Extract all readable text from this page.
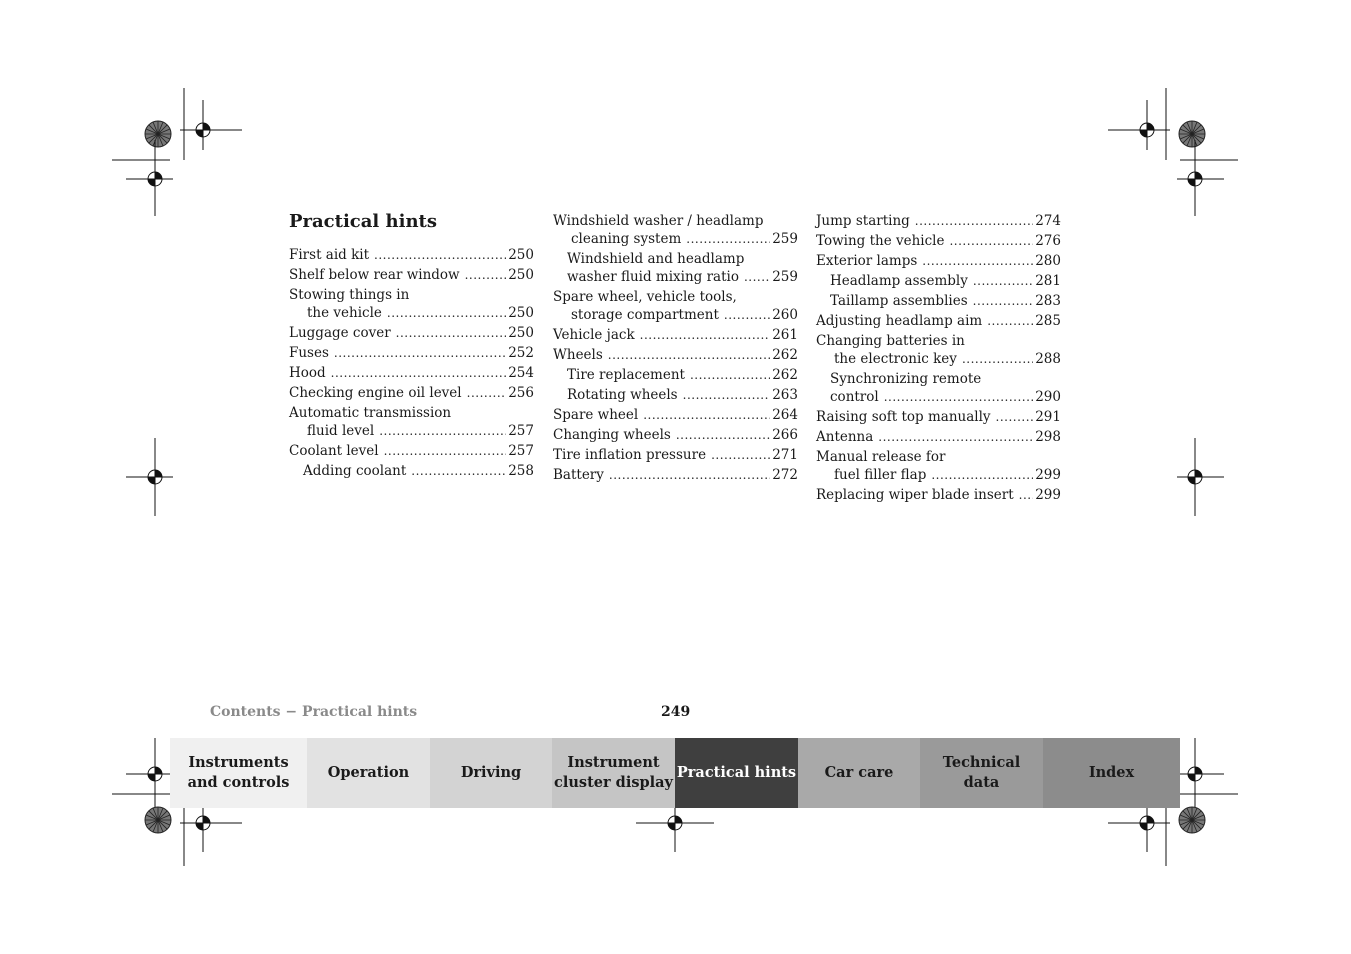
Practical hints
First aid kit .....	250
Shelf below rear window .....	250
Stowing things in
the vehicle .....	250
Luggage cover .....	250
Fuses .....	252
Hood .....	254
Checking engine oil level .....	256
Automatic transmission
fluid level .....	257
Coolant level .....	257
Adding coolant .....	258
Windshield washer / headlamp
cleaning system .....	259
Windshield and headlamp
washer fluid mixing ratio ..... 259
Spare wheel, vehicle tools,
storage compartment .....	260
Vehicle jack .....	261
Wheels .....	262
Tire replacement .....	262
Rotating wheels .....	263
Spare wheel .....	264
Changing wheels .....	266
Tire inflation pressure .....	271
Battery .....	272
Jump starting .....	274
Towing the vehicle .....	276
Exterior lamps .....	280
Headlamp assembly .....	281
Taillamp assemblies .....	283
Adjusting headlamp aim .....	285
Changing batteries in
the electronic key .....	288
Synchronizing remote
control .....	290
Raising soft top manually .....	291
Antenna .....	298
Manual release for
fuel filler flap .....	299
Replacing wiper blade insert ..... 299
Contents − Practical hints	249
Instruments
and controls
Operation	Driving
Instrument
cluster display
Practical hints Car care
Technical
data
Index
